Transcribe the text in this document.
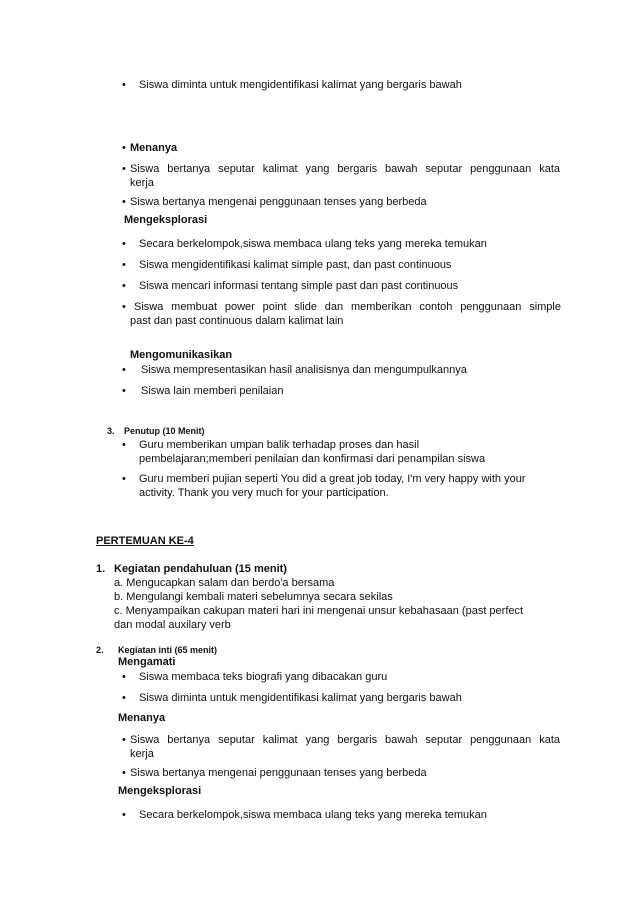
• Siswa diminta untuk mengidentifikasi kalimat yang bergaris bawah
• Menanya
• Siswa bertanya seputar kalimat yang bergaris bawah seputar penggunaan kata
kerja
• Siswa bertanya mengenai penggunaan tenses yang berbeda
Mengeksplorasi
• Secara berkelompok,siswa membaca ulang teks yang mereka temukan
• Siswa mengidentifikasi kalimat simple past, dan past continuous
• Siswa mencari informasi tentang simple past dan past continuous
• Siswa membuat power point slide dan memberikan contoh penggunaan simple
past dan past continuous dalam kalimat lain
Mengomunikasikan
• Siswa mempresentasikan hasil analisisnya dan mengumpulkannya
• Siswa lain memberi penilaian
3. Penutup (10 Menit)
• Guru memberikan umpan balik terhadap proses dan hasil
pembelajaran;memberi penilaian dan konfirmasi dari penampilan siswa
• Guru memberi pujian seperti You did a great job today, I'm very happy with your
activity. Thank you very much for your participation.
PERTEMUAN KE-4
1. Kegiatan pendahuluan (15 menit)
a. Mengucapkan salam dan berdo'a bersama
b. Mengulangi kembali materi sebelumnya secara sekilas
c. Menyampaikan cakupan materi hari ini mengenai unsur kebahasaan (past perfect
dan modal auxilary verb
2. Kegiatan inti (65 menit)
Mengamati
• Siswa membaca teks biografi yang dibacakan guru
• Siswa diminta untuk mengidentifikasi kalimat yang bergaris bawah
Menanya
• Siswa bertanya seputar kalimat yang bergaris bawah seputar penggunaan kata
kerja
• Siswa bertanya mengenai penggunaan tenses yang berbeda
Mengeksplorasi
• Secara berkelompok,siswa membaca ulang teks yang mereka temukan
